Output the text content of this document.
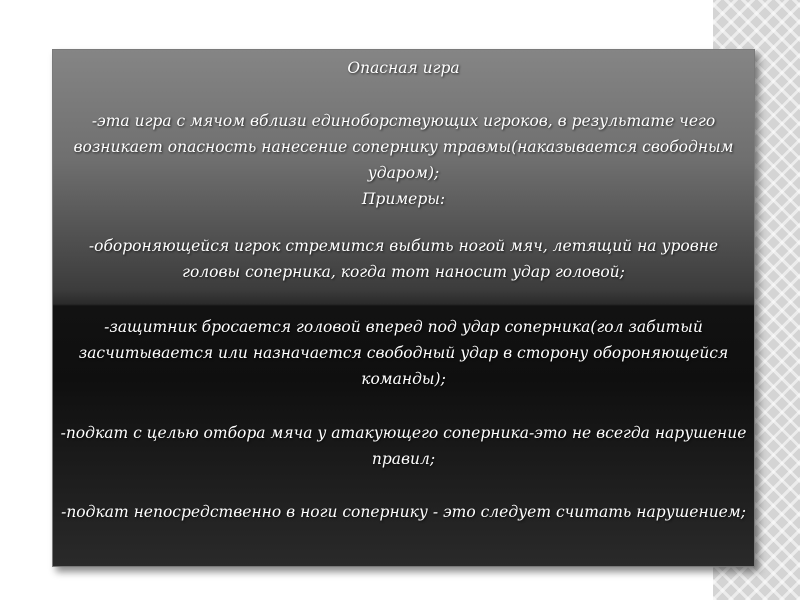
Опасная игра
-эта игра с мячом вблизи единоборствующих игроков, в результате чего возникает опасность нанесение сопернику травмы(наказывается свободным ударом);
Примеры:
-обороняющейся игрок стремится выбить ногой мяч, летящий на уровне головы соперника, когда тот наносит удар головой;
-защитник бросается головой вперед под удар соперника(гол забитый засчитывается или назначается свободный удар в сторону обороняющейся команды);
-подкат с целью отбора мяча у атакующего соперника-это не всегда нарушение правил;
-подкат непосредственно в ноги сопернику - это следует считать нарушением;
